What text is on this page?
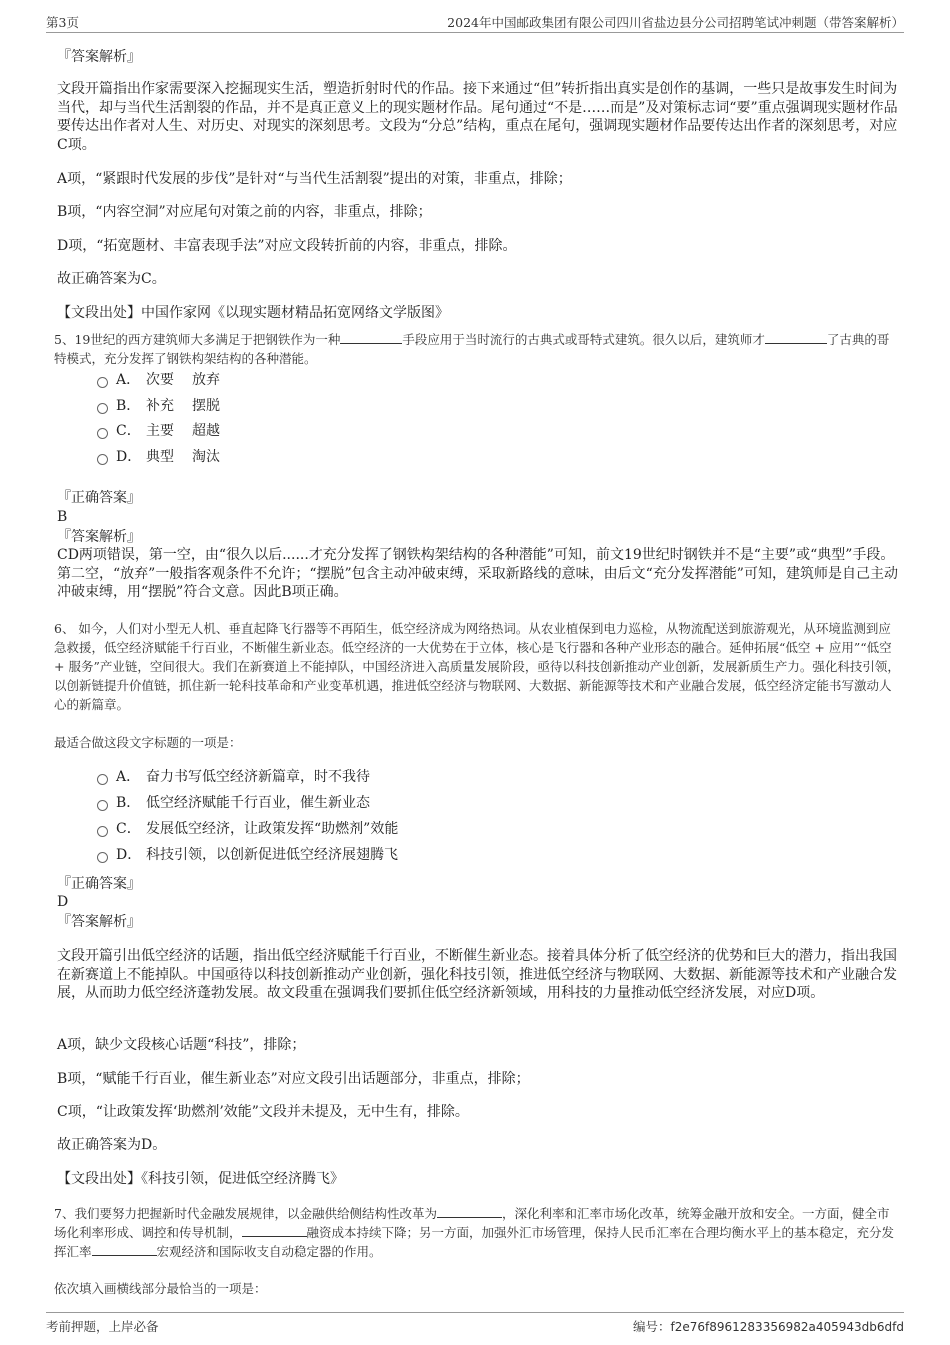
第3页	2024年中国邮政集团有限公司四川省盐边县分公司招聘笔试冲刺题（带答案解析）

『答案解析』

文段开篇指出作家需要深入挖掘现实生活，塑造折射时代的作品。接下来通过“但”转折指出真实是创作的基调，一些只是故事发生时间为当代，却与当代生活割裂的作品，并不是真正意义上的现实题材作品。尾句通过“不是……而是”及对策标志词“要”重点强调现实题材作品要传达出作者对人生、对历史、对现实的深刻思考。文段为“分总”结构，重点在尾句，强调现实题材作品要传达出作者的深刻思考，对应C项。

A项，“紧跟时代发展的步伐”是针对“与当代生活割裂”提出的对策，非重点，排除；

B项，“内容空洞”对应尾句对策之前的内容，非重点，排除；

D项，“拓宽题材、丰富表现手法”对应文段转折前的内容，非重点，排除。

故正确答案为C。

【文段出处】中国作家网《以现实题材精品拓宽网络文学版图》

5、19世纪的西方建筑师大多满足于把钢铁作为一种	手段应用于当时流行的古典式或哥特式建筑。很久以后，建筑师才	了古典的哥特模式，充分发挥了钢铁构架结构的各种潜能。

A． 次要 放弃
B． 补充 摆脱
C． 主要 超越
D． 典型 淘汰

『正确答案』

B

『答案解析』

CD两项错误，第一空，由“很久以后......才充分发挥了钢铁构架结构的各种潜能”可知，前文19世纪时钢铁并不是“主要”或“典型”手段。第二空，“放弃”一般指客观条件不允许；“摆脱”包含主动冲破束缚，采取新路线的意味，由后文“充分发挥潜能”可知，建筑师是自己主动冲破束缚，用“摆脱”符合文意。因此B项正确。

6、 如今，人们对小型无人机、垂直起降飞行器等不再陌生，低空经济成为网络热词。从农业植保到电力巡检，从物流配送到旅游观光，从环境监测到应急救援，低空经济赋能千行百业，不断催生新业态。低空经济的一大优势在于立体，核心是飞行器和各种产业形态的融合。延伸拓展“低空 + 应用”“低空 + 服务”产业链，空间很大。我们在新赛道上不能掉队，中国经济进入高质量发展阶段，亟待以科技创新推动产业创新，发展新质生产力。强化科技引领，以创新链提升价值链，抓住新一轮科技革命和产业变革机遇，推进低空经济与物联网、大数据、新能源等技术和产业融合发展，低空经济定能书写激动人心的新篇章。

最适合做这段文字标题的一项是：

A． 奋力书写低空经济新篇章，时不我待
B． 低空经济赋能千行百业，催生新业态
C． 发展低空经济，让政策发挥“助燃剂”效能
D． 科技引领，以创新促进低空经济展翅腾飞

『正确答案』

D

『答案解析』

文段开篇引出低空经济的话题，指出低空经济赋能千行百业，不断催生新业态。接着具体分析了低空经济的优势和巨大的潜力，指出我国在新赛道上不能掉队。中国亟待以科技创新推动产业创新，强化科技引领，推进低空经济与物联网、大数据、新能源等技术和产业融合发展，从而助力低空经济蓬勃发展。故文段重在强调我们要抓住低空经济新领域，用科技的力量推动低空经济发展，对应D项。

A项，缺少文段核心话题“科技”，排除；

B项，“赋能千行百业，催生新业态”对应文段引出话题部分，非重点，排除；

C项，“让政策发挥‘助燃剂’效能”文段并未提及，无中生有，排除。

故正确答案为D。

【文段出处】《科技引领，促进低空经济腾飞》

7、我们要努力把握新时代金融发展规律，以金融供给侧结构性改革为	，深化利率和汇率市场化改革，统筹金融开放和安全。一方面，健全市场化利率形成、调控和传导机制，	融资成本持续下降；另一方面，加强外汇市场管理，保持人民币汇率在合理均衡水平上的基本稳定，充分发挥汇率	宏观经济和国际收支自动稳定器的作用。

依次填入画横线部分最恰当的一项是：

考前押题，上岸必备	编号：f2e76f8961283356982a405943db6dfd
